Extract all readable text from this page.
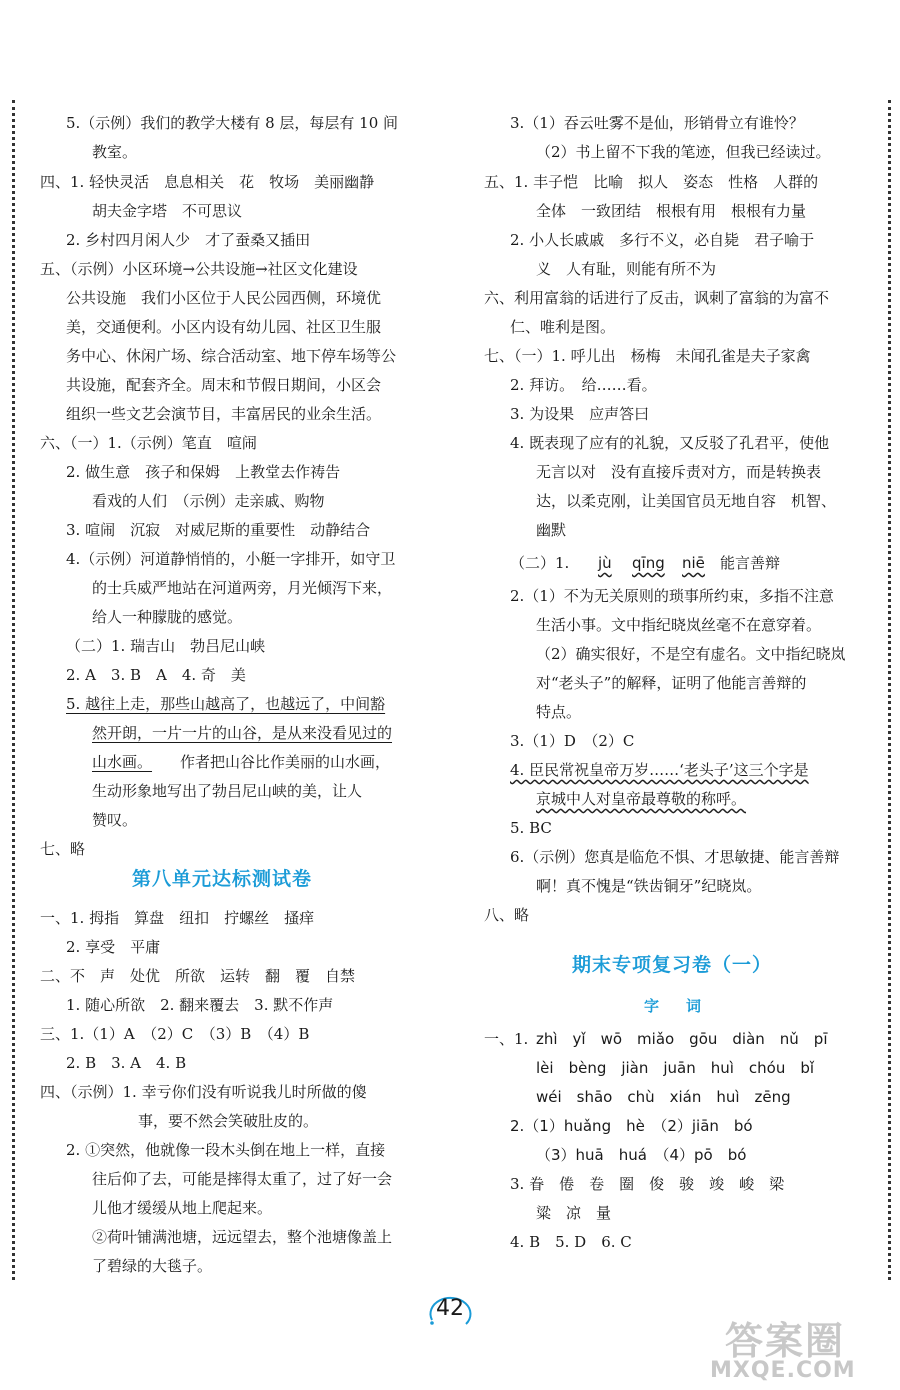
5.（示例）我们的教学大楼有 8 层，每层有 10 间
教室。
四、1. 轻快灵活　息息相关　花　牧场　美丽幽静
胡夫金字塔　不可思议
2. 乡村四月闲人少　才了蚕桑又插田
五、（示例）小区环境→公共设施→社区文化建设
公共设施　我们小区位于人民公园西侧，环境优
美，交通便利。小区内设有幼儿园、社区卫生服
务中心、休闲广场、综合活动室、地下停车场等公
共设施，配套齐全。周末和节假日期间，小区会
组织一些文艺会演节目，丰富居民的业余生活。
六、（一）1.（示例）笔直　喧闹
2. 做生意　孩子和保姆　上教堂去作祷告
看戏的人们　（示例）走亲戚、购物
3. 喧闹　沉寂　对威尼斯的重要性　动静结合
4.（示例）河道静悄悄的，小艇一字排开，如守卫
的士兵威严地站在河道两旁，月光倾泻下来，
给人一种朦胧的感觉。
（二）1. 瑞吉山　勃吕尼山峡
2. A　3. B　A　4. 奇　美
5. 越往上走，那些山越高了，也越远了，中间豁
然开朗，一片一片的山谷，是从来没看见过的
山水画。 作者把山谷比作美丽的山水画，
生动形象地写出了勃吕尼山峡的美，让人
赞叹。
七、略
第八单元达标测试卷
一、1. 拇指　算盘　纽扣　拧螺丝　搔痒
2. 享受　平庸
二、不　声　处优　所欲　运转　翻　覆　自禁
1. 随心所欲　2. 翻来覆去　3. 默不作声
三、1.（1）A　（2）C　（3）B　（4）B
2. B　3. A　4. B
四、（示例）1. 幸亏你们没有听说我儿时所做的傻
事，要不然会笑破肚皮的。
2. ①突然，他就像一段木头倒在地上一样，直接
往后仰了去，可能是摔得太重了，过了好一会
儿他才缓缓从地上爬起来。
②荷叶铺满池塘，远远望去，整个池塘像盖上
了碧绿的大毯子。
3.（1）吞云吐雾不是仙，形销骨立有谁怜？
（2）书上留不下我的笔迹，但我已经读过。
五、1. 丰子恺　比喻　拟人　姿态　性格　人群的
全体　一致团结　根根有用　根根有力量
2. 小人长戚戚　多行不义，必自毙　君子喻于
义　人有耻，则能有所不为
六、利用富翁的话进行了反击，讽刺了富翁的为富不
仁、唯利是图。
七、（一）1. 呼儿出　杨梅　未闻孔雀是夫子家禽
2. 拜访。　给……看。
3. 为设果　应声答曰
4. 既表现了应有的礼貌，又反驳了孔君平，使他
无言以对　没有直接斥责对方，而是转换表
达，以柔克刚，让美国官员无地自容　机智、
幽默
（二）1. jù qīng niē 能言善辩
2.（1）不为无关原则的琐事所约束，多指不注意
生活小事。文中指纪晓岚丝毫不在意穿着。
（2）确实很好，不是空有虚名。文中指纪晓岚
对“老头子”的解释，证明了他能言善辩的
特点。
3.（1）D　（2）C
4. 臣民常祝皇帝万岁……‘老头子’这三个字是
京城中人对皇帝最尊敬的称呼。
5. BC
6.（示例）您真是临危不惧、才思敏捷、能言善辩
啊！真不愧是“铁齿铜牙”纪晓岚。
八、略
期末专项复习卷（一）
字　词
一、1. zhì　yǐ　wō　miǎo　gōu　diàn　nǔ　pī
lèi　bèng　jiàn　juān　huì　chóu　bǐ
wéi　shāo　chù　xián　huì　zēng
2.（1）huǎng　hè　（2）jiān　bó
（3）huā　huá　（4）pō　bó
3. 眷　倦　卷　圈　俊　骏　竣　峻　梁
粱　凉　量
4. B　5. D　6. C
42
答案圈
MXQE.COM
